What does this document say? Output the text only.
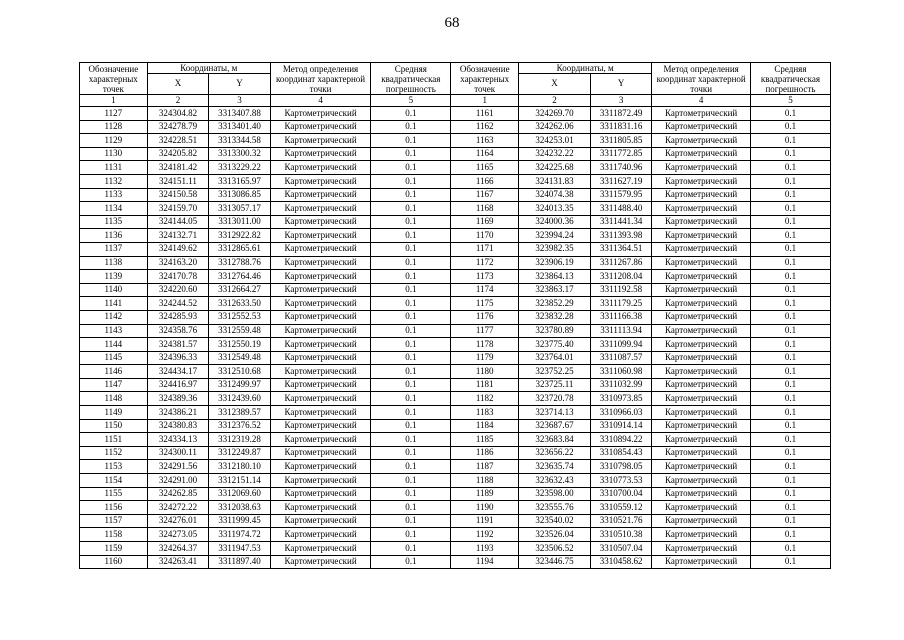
68
Обозначение характерных точек	Координаты, м		Метод определения координат характерной точки	Средняя квадратическая погрешность	Обозначение характерных точек	Координаты, м		Метод определения координат характерной точки	Средняя квадратическая погрешность
	X	Y				X	Y		
1	2	3	4	5	1	2	3	4	5
1127	324304.82	3313407.88	Картометрический	0.1	1161	324269.70	3311872.49	Картометрический	0.1
1128	324278.79	3313401.40	Картометрический	0.1	1162	324262.06	3311831.16	Картометрический	0.1
1129	324228.51	3313344.58	Картометрический	0.1	1163	324253.01	3311805.85	Картометрический	0.1
1130	324205.82	3313300.32	Картометрический	0.1	1164	324232.22	3311772.85	Картометрический	0.1
1131	324181.42	3313229.22	Картометрический	0.1	1165	324225.68	3311740.96	Картометрический	0.1
1132	324151.11	3313165.97	Картометрический	0.1	1166	324131.83	3311627.19	Картометрический	0.1
1133	324150.58	3313086.85	Картометрический	0.1	1167	324074.38	3311579.95	Картометрический	0.1
1134	324159.70	3313057.17	Картометрический	0.1	1168	324013.35	3311488.40	Картометрический	0.1
1135	324144.05	3313011.00	Картометрический	0.1	1169	324000.36	3311441.34	Картометрический	0.1
1136	324132.71	3312922.82	Картометрический	0.1	1170	323994.24	3311393.98	Картометрический	0.1
1137	324149.62	3312865.61	Картометрический	0.1	1171	323982.35	3311364.51	Картометрический	0.1
1138	324163.20	3312788.76	Картометрический	0.1	1172	323906.19	3311267.86	Картометрический	0.1
1139	324170.78	3312764.46	Картометрический	0.1	1173	323864.13	3311208.04	Картометрический	0.1
1140	324220.60	3312664.27	Картометрический	0.1	1174	323863.17	3311192.58	Картометрический	0.1
1141	324244.52	3312633.50	Картометрический	0.1	1175	323852.29	3311179.25	Картометрический	0.1
1142	324285.93	3312552.53	Картометрический	0.1	1176	323832.28	3311166.38	Картометрический	0.1
1143	324358.76	3312559.48	Картометрический	0.1	1177	323780.89	3311113.94	Картометрический	0.1
1144	324381.57	3312550.19	Картометрический	0.1	1178	323775.40	3311099.94	Картометрический	0.1
1145	324396.33	3312549.48	Картометрический	0.1	1179	323764.01	3311087.57	Картометрический	0.1
1146	324434.17	3312510.68	Картометрический	0.1	1180	323752.25	3311060.98	Картометрический	0.1
1147	324416.97	3312499.97	Картометрический	0.1	1181	323725.11	3311032.99	Картометрический	0.1
1148	324389.36	3312439.60	Картометрический	0.1	1182	323720.78	3310973.85	Картометрический	0.1
1149	324386.21	3312389.57	Картометрический	0.1	1183	323714.13	3310966.03	Картометрический	0.1
1150	324380.83	3312376.52	Картометрический	0.1	1184	323687.67	3310914.14	Картометрический	0.1
1151	324334.13	3312319.28	Картометрический	0.1	1185	323683.84	3310894.22	Картометрический	0.1
1152	324300.11	3312249.87	Картометрический	0.1	1186	323656.22	3310854.43	Картометрический	0.1
1153	324291.56	3312180.10	Картометрический	0.1	1187	323635.74	3310798.05	Картометрический	0.1
1154	324291.00	3312151.14	Картометрический	0.1	1188	323632.43	3310773.53	Картометрический	0.1
1155	324262.85	3312069.60	Картометрический	0.1	1189	323598.00	3310700.04	Картометрический	0.1
1156	324272.22	3312038.63	Картометрический	0.1	1190	323555.76	3310559.12	Картометрический	0.1
1157	324276.01	3311999.45	Картометрический	0.1	1191	323540.02	3310521.76	Картометрический	0.1
1158	324273.05	3311974.72	Картометрический	0.1	1192	323526.04	3310510.38	Картометрический	0.1
1159	324264.37	3311947.53	Картометрический	0.1	1193	323506.52	3310507.04	Картометрический	0.1
1160	324263.41	3311897.40	Картометрический	0.1	1194	323446.75	3310458.62	Картометрический	0.1
